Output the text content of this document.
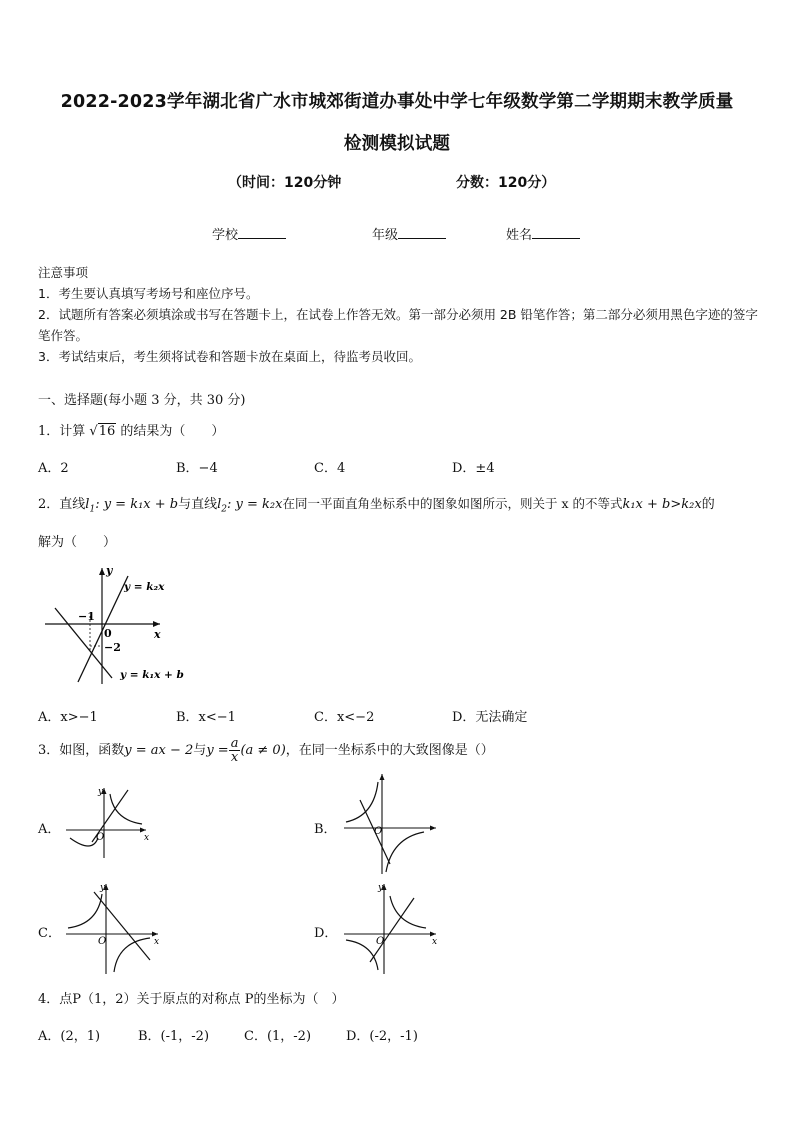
2022-2023学年湖北省广水市城郊街道办事处中学七年级数学第二学期期末教学质量
检测模拟试题
（时间：120分钟	分数：120分）
学校	年级	姓名
注意事项
1．考生要认真填写考场号和座位序号。
2．试题所有答案必须填涂或书写在答题卡上，在试卷上作答无效。第一部分必须用 2B 铅笔作答；第二部分必须用黑色字迹的签字笔作答。
3．考试结束后，考生须将试卷和答题卡放在桌面上，待监考员收回。
一、选择题(每小题 3 分，共 30 分)
1．计算 √16 的结果为（　　）
A．2	B．−4	C．4	D．±4
2．直线$l_1$: y = k₁x + b与直线$l_2$: y = k₂x在同一平面直角坐标系中的图象如图所示，则关于 x 的不等式k₁x + b>k₂x的
解为（　　）
y
x
0
−1
−2
y = k₂x
y = k₁x + b
A．x>−1	B．x<−1	C．x<−2	D．无法确定
3．如图，函数y = ax − 2与$y = \frac{a}{x} (a \ne 0)$，在同一坐标系中的大致图像是（）
A．	B．
C．	D．
y
x
O
O
y
x
O
y
x
O
4．点P（1，2）关于原点的对称点 P的坐标为（　）
A．(2，1)	B．(-1，-2)	C．(1，-2)	D．(-2，-1)
